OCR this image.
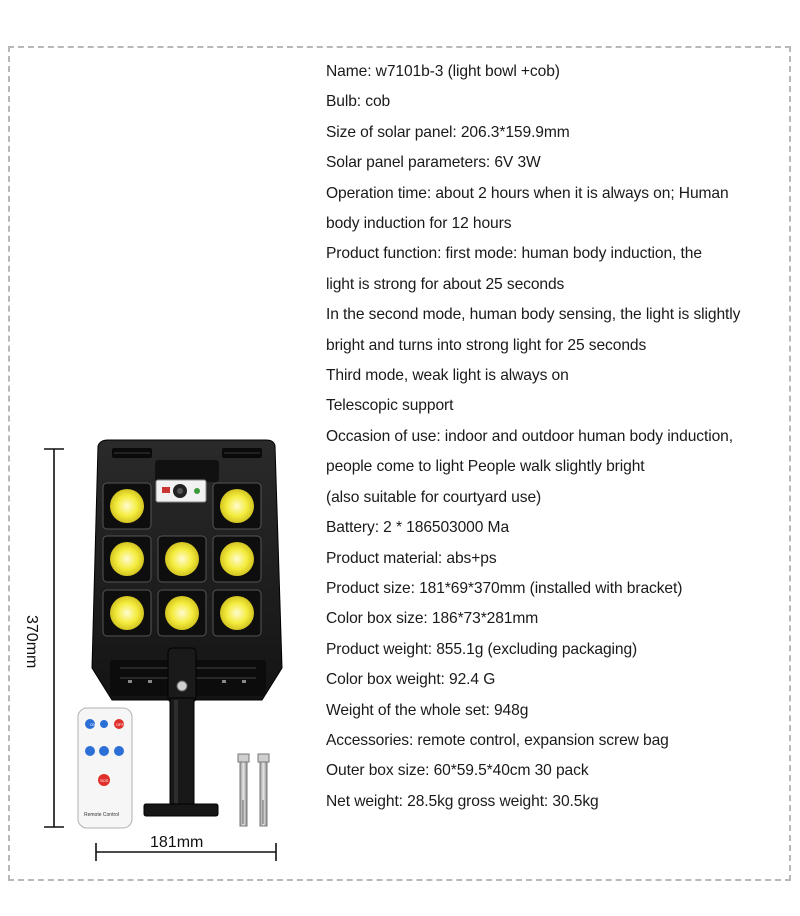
Name: w7101b-3 (light bowl +cob)
Bulb: cob
Size of solar panel: 206.3*159.9mm
Solar panel parameters: 6V 3W
Operation time: about 2 hours when it is always on; Human
body induction for 12 hours
Product function: first mode: human body induction, the
light is strong for about 25 seconds
In the second mode, human body sensing, the light is slightly
bright and turns into strong light for 25 seconds
Third mode, weak light is always on
Telescopic support
Occasion of use: indoor and outdoor human body induction,
people come to light People walk slightly bright
(also suitable for courtyard use)
Battery: 2 * 186503000 Ma
Product material: abs+ps
Product size: 181*69*370mm (installed with bracket)
Color box size: 186*73*281mm
Product weight: 855.1g (excluding packaging)
Color box weight: 92.4 G
Weight of the whole set: 948g
Accessories: remote control, expansion screw bag
Outer box size: 60*59.5*40cm 30 pack
Net weight: 28.5kg gross weight: 30.5kg
ON	OFF
SOS
Remote Control
370mm
181mm
